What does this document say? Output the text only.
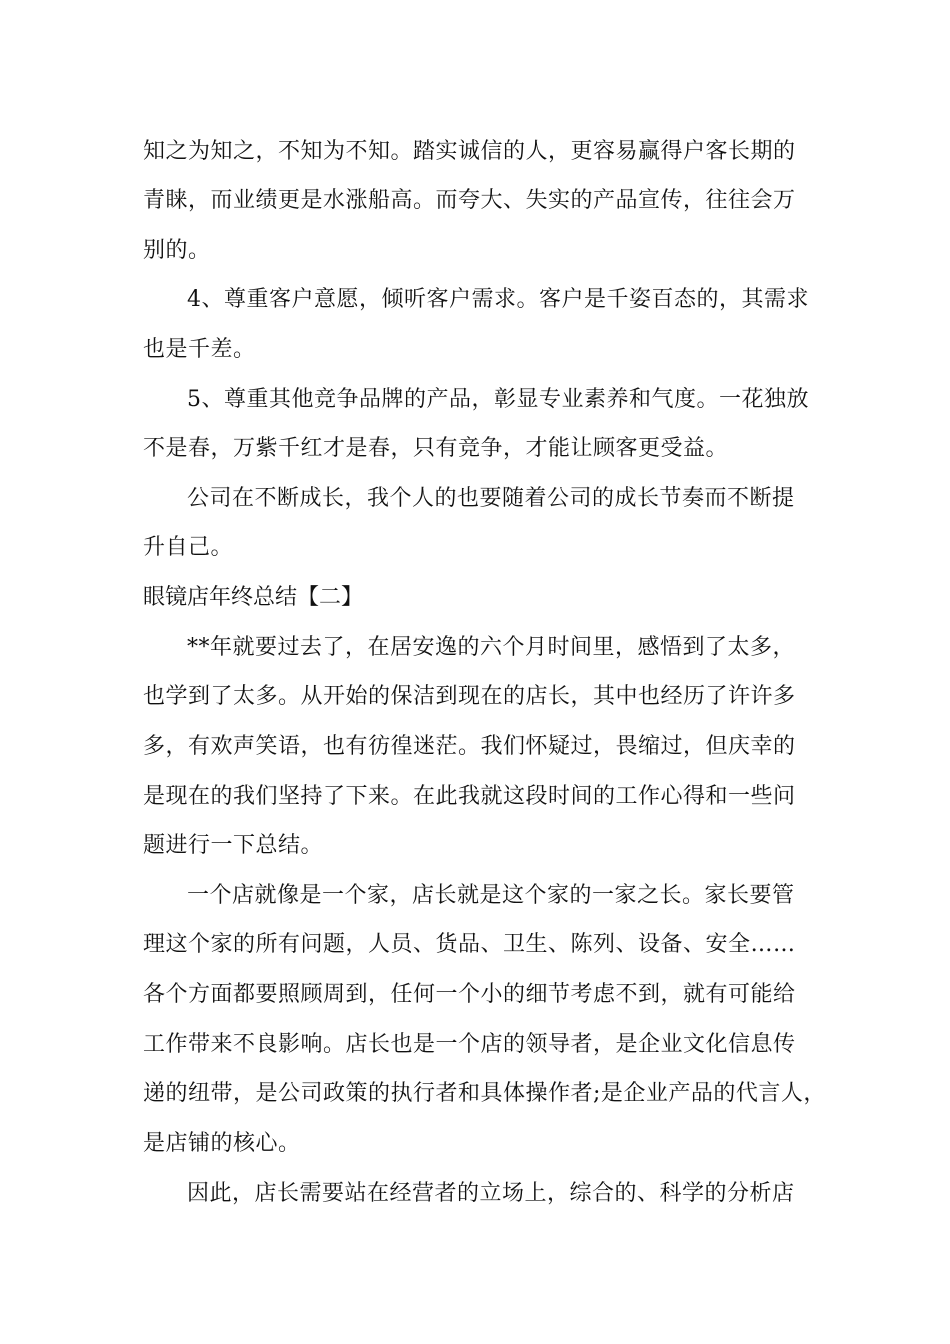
知之为知之，不知为不知。踏实诚信的人，更容易赢得户客长期的
青睐，而业绩更是水涨船高。而夸大、失实的产品宣传，往往会万
别的。
4、尊重客户意愿，倾听客户需求。客户是千姿百态的，其需求
也是千差。
5、尊重其他竞争品牌的产品，彰显专业素养和气度。一花独放
不是春，万紫千红才是春，只有竞争，才能让顾客更受益。
公司在不断成长，我个人的也要随着公司的成长节奏而不断提
升自己。
眼镜店年终总结【二】
**年就要过去了，在居安逸的六个月时间里，感悟到了太多，
也学到了太多。从开始的保洁到现在的店长，其中也经历了许许多
多，有欢声笑语，也有彷徨迷茫。我们怀疑过，畏缩过，但庆幸的
是现在的我们坚持了下来。在此我就这段时间的工作心得和一些问
题进行一下总结。
一个店就像是一个家，店长就是这个家的一家之长。家长要管
理这个家的所有问题，人员、货品、卫生、陈列、设备、安全……
各个方面都要照顾周到，任何一个小的细节考虑不到，就有可能给
工作带来不良影响。店长也是一个店的领导者，是企业文化信息传
递的纽带，是公司政策的执行者和具体操作者;是企业产品的代言人，
是店铺的核心。
因此，店长需要站在经营者的立场上，综合的、科学的分析店
